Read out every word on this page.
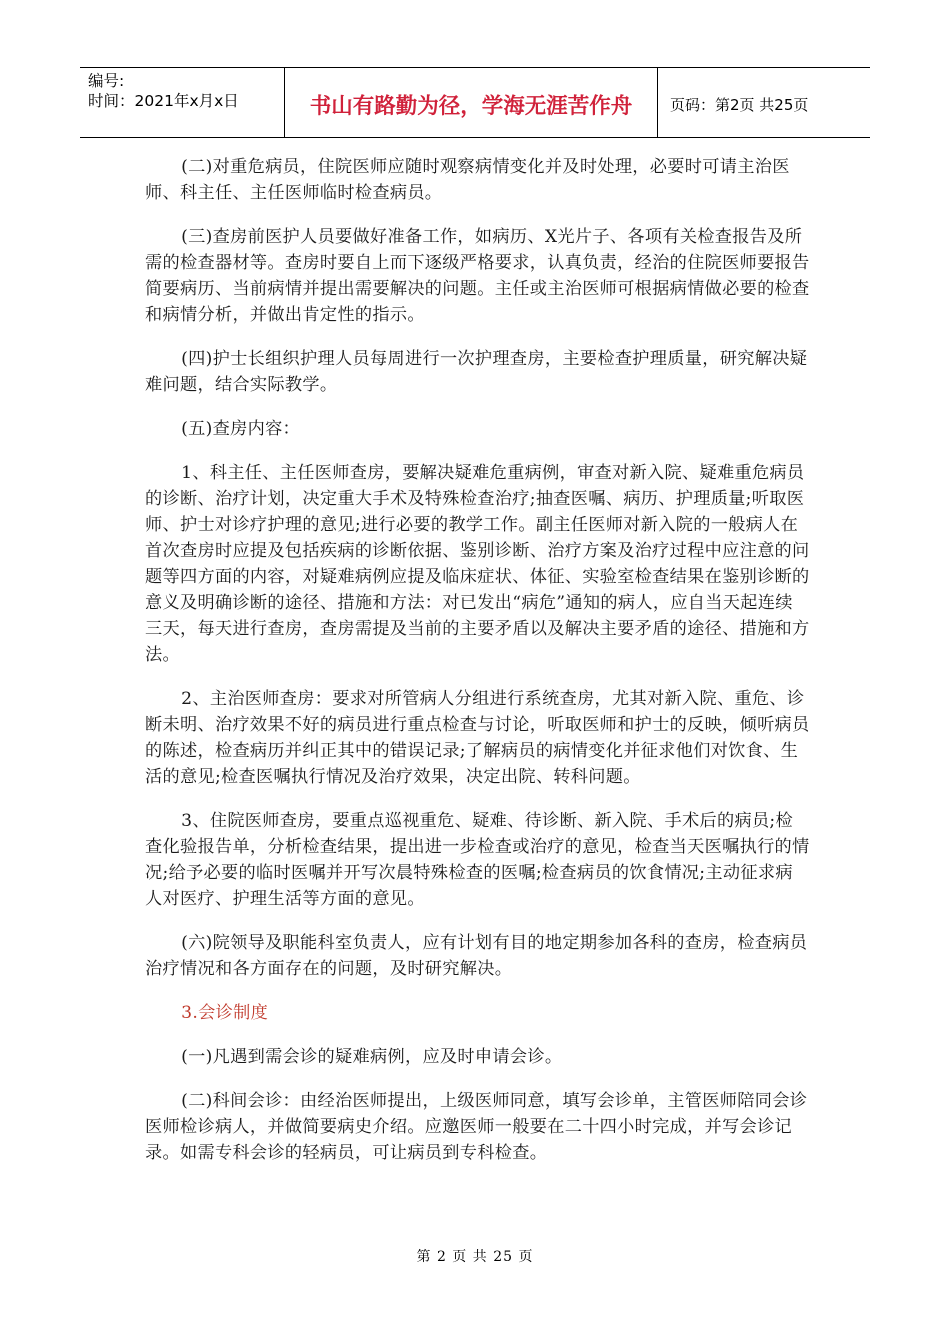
编号:
时间：2021年x月x日	书山有路勤为径，学海无涯苦作舟	页码：第2页 共25页

(二)对重危病员，住院医师应随时观察病情变化并及时处理，必要时可请主治医师、科主任、主任医师临时检查病员。

(三)查房前医护人员要做好准备工作，如病历、X光片子、各项有关检查报告及所需的检查器材等。查房时要自上而下逐级严格要求，认真负责，经治的住院医师要报告简要病历、当前病情并提出需要解决的问题。主任或主治医师可根据病情做必要的检查和病情分析，并做出肯定性的指示。

(四)护士长组织护理人员每周进行一次护理查房，主要检查护理质量，研究解决疑难问题，结合实际教学。

(五)查房内容：

1、科主任、主任医师查房，要解决疑难危重病例，审查对新入院、疑难重危病员的诊断、治疗计划，决定重大手术及特殊检查治疗;抽查医嘱、病历、护理质量;听取医师、护士对诊疗护理的意见;进行必要的教学工作。副主任医师对新入院的一般病人在首次查房时应提及包括疾病的诊断依据、鉴别诊断、治疗方案及治疗过程中应注意的问题等四方面的内容，对疑难病例应提及临床症状、体征、实验室检查结果在鉴别诊断的意义及明确诊断的途径、措施和方法：对已发出“病危”通知的病人，应自当天起连续三天，每天进行查房，查房需提及当前的主要矛盾以及解决主要矛盾的途径、措施和方法。

2、主治医师查房：要求对所管病人分组进行系统查房，尤其对新入院、重危、诊断未明、治疗效果不好的病员进行重点检查与讨论，听取医师和护士的反映，倾听病员的陈述，检查病历并纠正其中的错误记录;了解病员的病情变化并征求他们对饮食、生活的意见;检查医嘱执行情况及治疗效果，决定出院、转科问题。

3、住院医师查房，要重点巡视重危、疑难、待诊断、新入院、手术后的病员;检查化验报告单，分析检查结果，提出进一步检查或治疗的意见，检查当天医嘱执行的情况;给予必要的临时医嘱并开写次晨特殊检查的医嘱;检查病员的饮食情况;主动征求病人对医疗、护理生活等方面的意见。

(六)院领导及职能科室负责人，应有计划有目的地定期参加各科的查房，检查病员治疗情况和各方面存在的问题，及时研究解决。

3.会诊制度

(一)凡遇到需会诊的疑难病例，应及时申请会诊。

(二)科间会诊：由经治医师提出，上级医师同意，填写会诊单，主管医师陪同会诊医师检诊病人，并做简要病史介绍。应邀医师一般要在二十四小时完成，并写会诊记录。如需专科会诊的轻病员，可让病员到专科检查。

第 2 页 共 25 页
